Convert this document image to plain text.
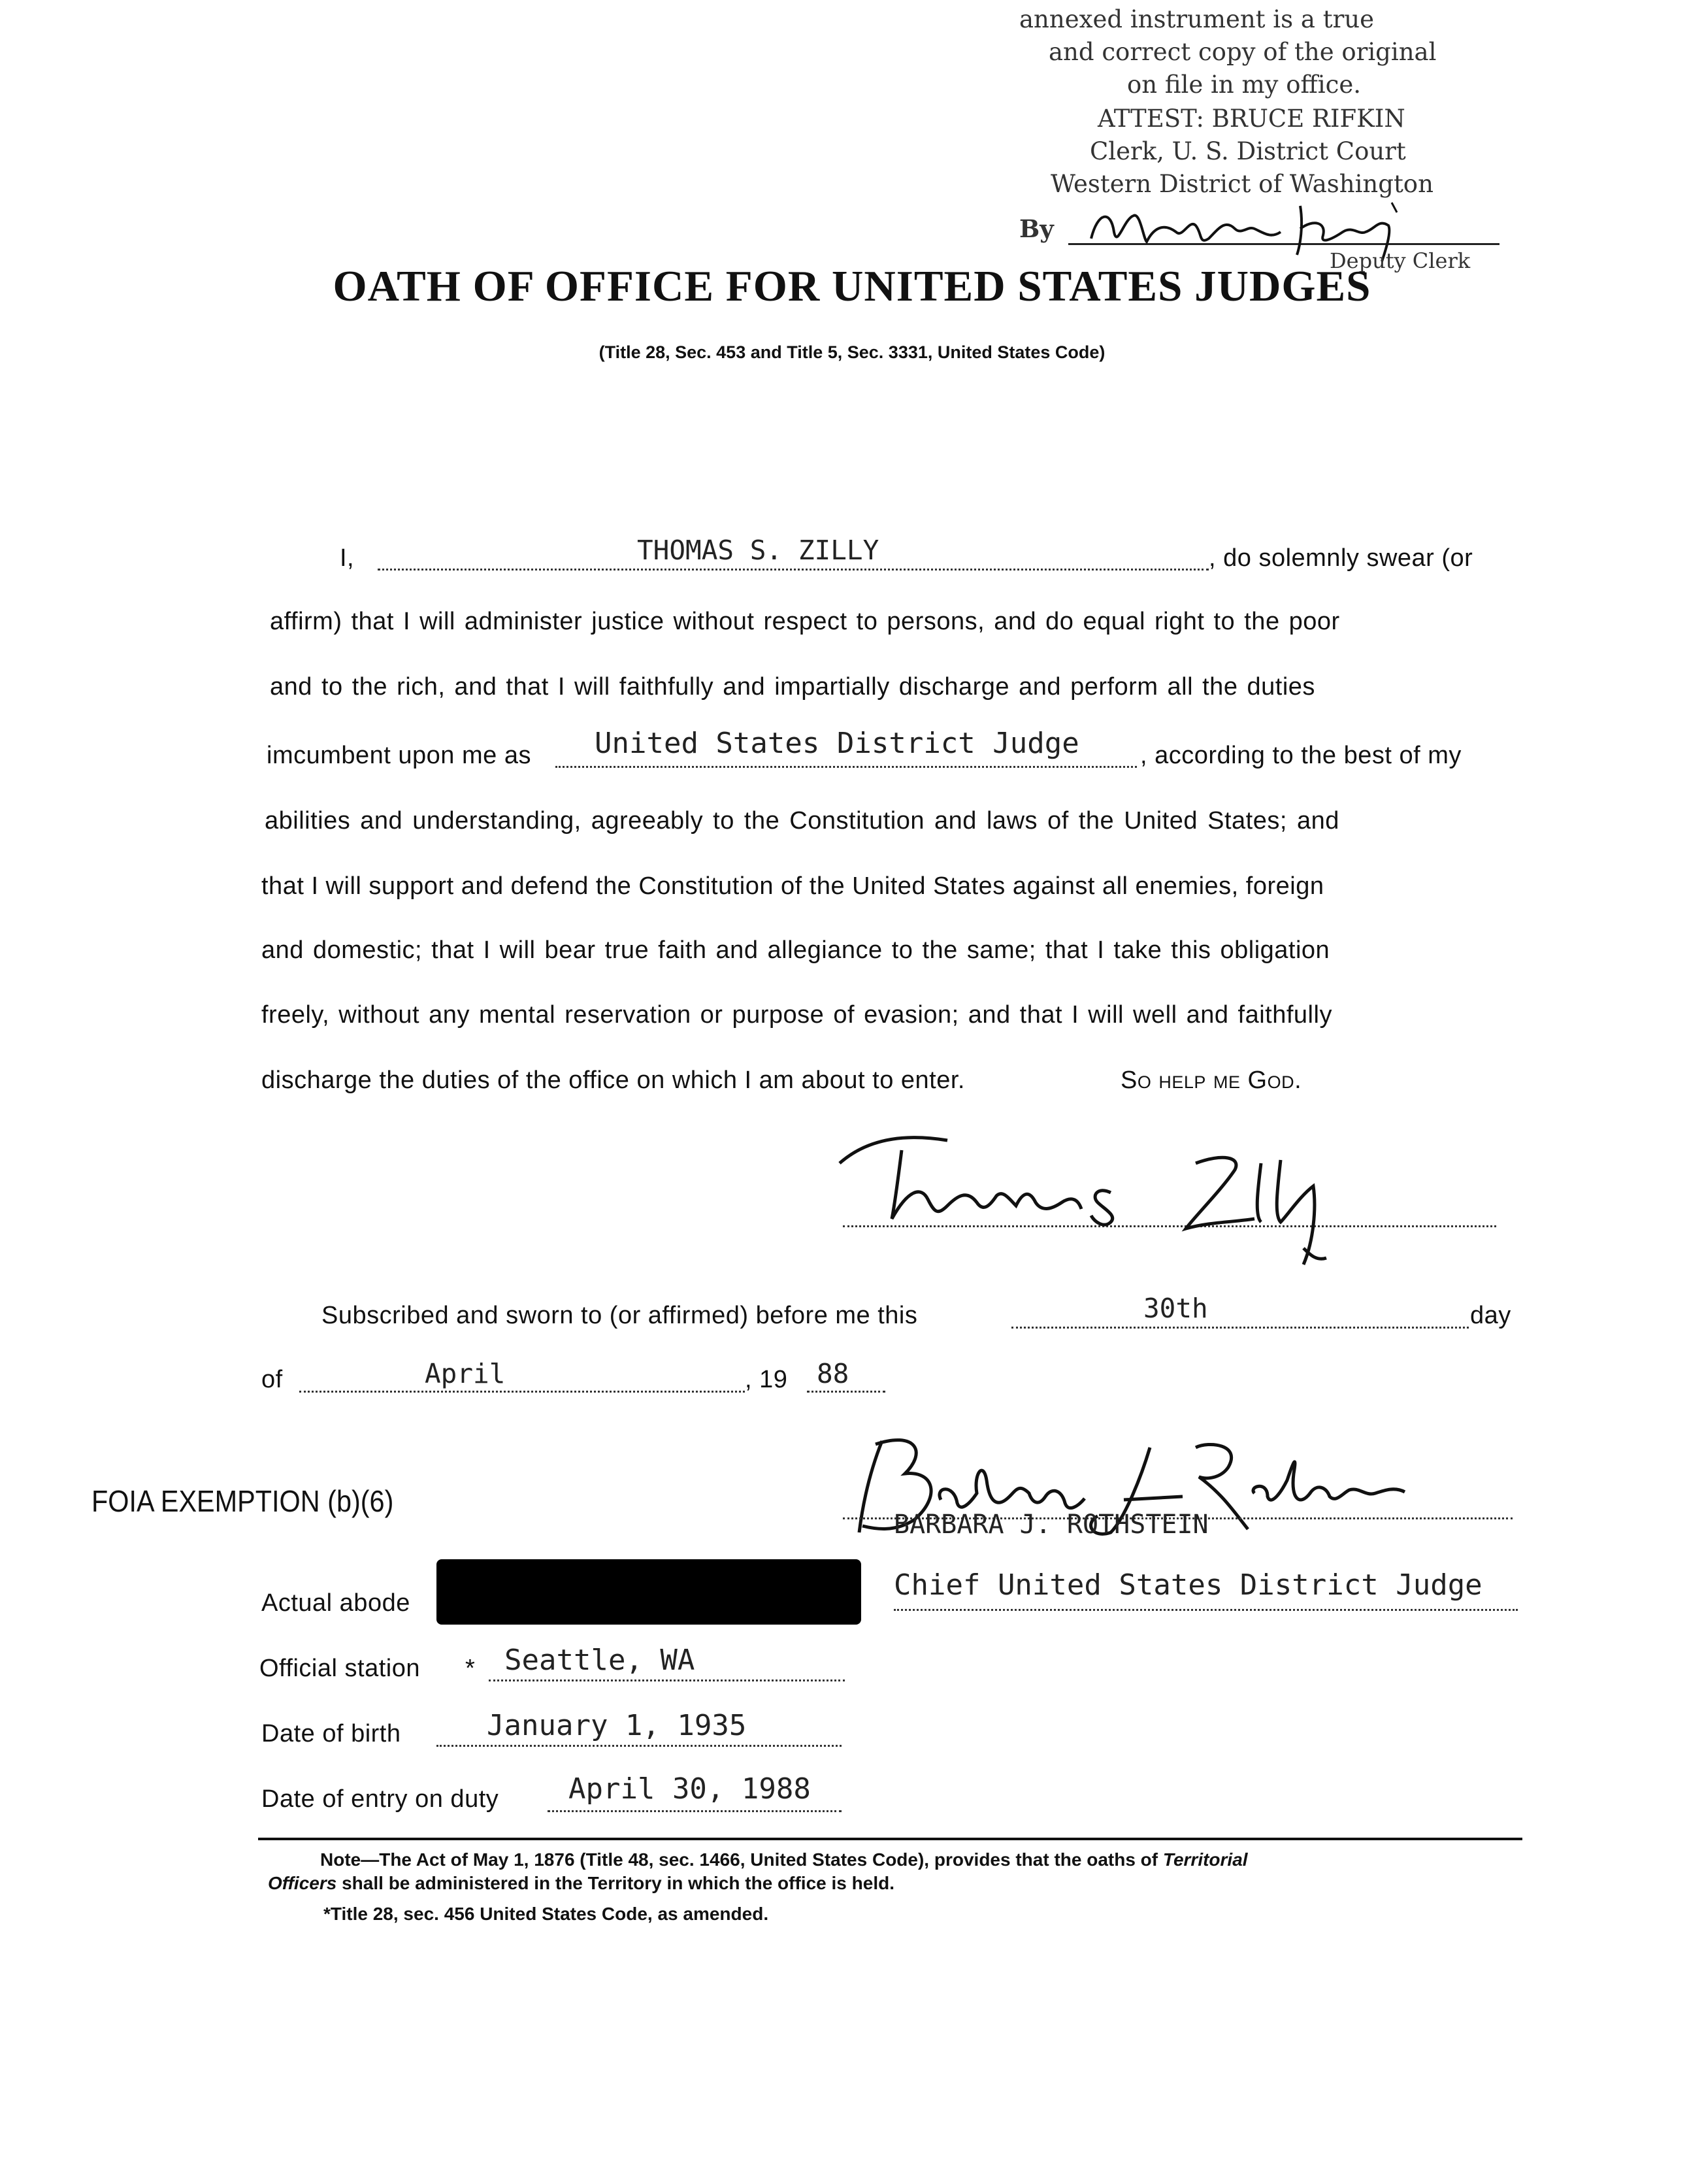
annexed instrument is a true
and correct copy of the original
on file in my office.
ATTEST: BRUCE RIFKIN
Clerk, U. S. District Court
Western District of Washington
By
Deputy Clerk
OATH OF OFFICE FOR UNITED STATES JUDGES
(Title 28, Sec. 453 and Title 5, Sec. 3331, United States Code)
I,	THOMAS S. ZILLY	, do solemnly swear (or
affirm) that I will administer justice without respect to persons, and do equal right to the poor
and to the rich, and that I will faithfully and impartially discharge and perform all the duties
imcumbent upon me as United States District Judge , according to the best of my
abilities and understanding, agreeably to the Constitution and laws of the United States; and
that I will support and defend the Constitution of the United States against all enemies, foreign
and domestic; that I will bear true faith and allegiance to the same; that I take this obligation
freely, without any mental reservation or purpose of evasion; and that I will well and faithfully
discharge the duties of the office on which I am about to enter.	So help me God.
Subscribed and sworn to (or affirmed) before me this	30th	day
of	April	, 19 88
FOIA EXEMPTION (b)(6)
BARBARA J. ROTHSTEIN
Chief United States District Judge
Actual abode
Official station * Seattle, WA
Date of birth	January 1, 1935
Date of entry on duty April 30, 1988
Note—The Act of May 1, 1876 (Title 48, sec. 1466, United States Code), provides that the oaths of Territorial
Officers shall be administered in the Territory in which the office is held.
*Title 28, sec. 456 United States Code, as amended.
